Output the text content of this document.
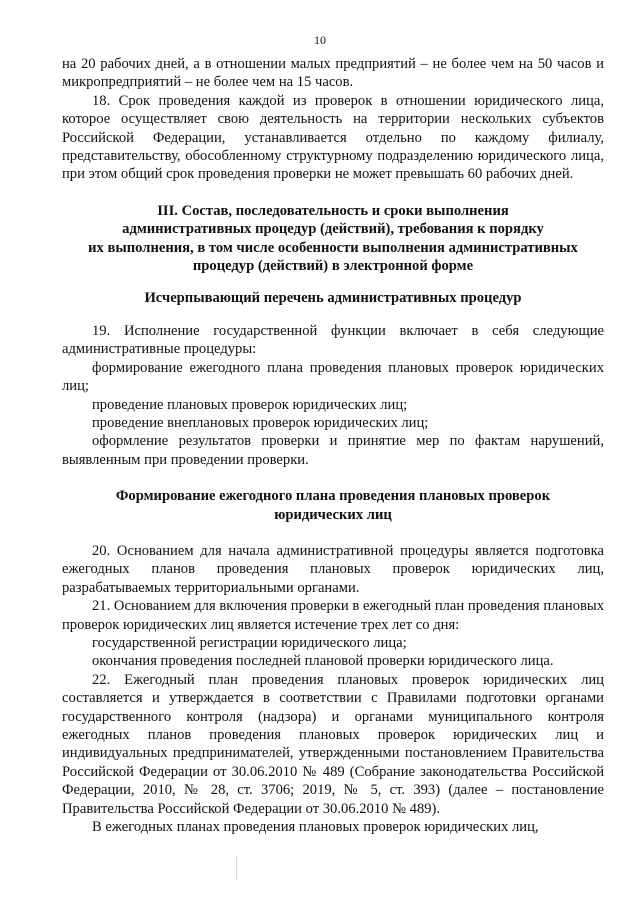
10

на 20 рабочих дней, а в отношении малых предприятий – не более чем на 50 часов и микропредприятий – не более чем на 15 часов.

18. Срок проведения каждой из проверок в отношении юридического лица, которое осуществляет свою деятельность на территории нескольких субъектов Российской Федерации, устанавливается отдельно по каждому филиалу, представительству, обособленному структурному подразделению юридического лица, при этом общий срок проведения проверки не может превышать 60 рабочих дней.

III. Состав, последовательность и сроки выполнения
административных процедур (действий), требования к порядку
их выполнения, в том числе особенности выполнения административных
процедур (действий) в электронной форме
Исчерпывающий перечень административных процедур

19. Исполнение государственной функции включает в себя следующие административные процедуры:

формирование ежегодного плана проведения плановых проверок юридических лиц;

проведение плановых проверок юридических лиц;

проведение внеплановых проверок юридических лиц;

оформление результатов проверки и принятие мер по фактам нарушений, выявленным при проведении проверки.

Формирование ежегодного плана проведения плановых проверок
юридических лиц

20. Основанием для начала административной процедуры является подготовка ежегодных планов проведения плановых проверок юридических лиц, разрабатываемых территориальными органами.

21. Основанием для включения проверки в ежегодный план проведения плановых проверок юридических лиц является истечение трех лет со дня:

государственной регистрации юридического лица;

окончания проведения последней плановой проверки юридического лица.

22. Ежегодный план проведения плановых проверок юридических лиц составляется и утверждается в соответствии с Правилами подготовки органами государственного контроля (надзора) и органами муниципального контроля ежегодных планов проведения плановых проверок юридических лиц и индивидуальных предпринимателей, утвержденными постановлением Правительства Российской Федерации от 30.06.2010 № 489 (Собрание законодательства Российской Федерации, 2010, № 28, ст. 3706; 2019, № 5, ст. 393) (далее – постановление Правительства Российской Федерации от 30.06.2010 № 489).

В ежегодных планах проведения плановых проверок юридических лиц,
